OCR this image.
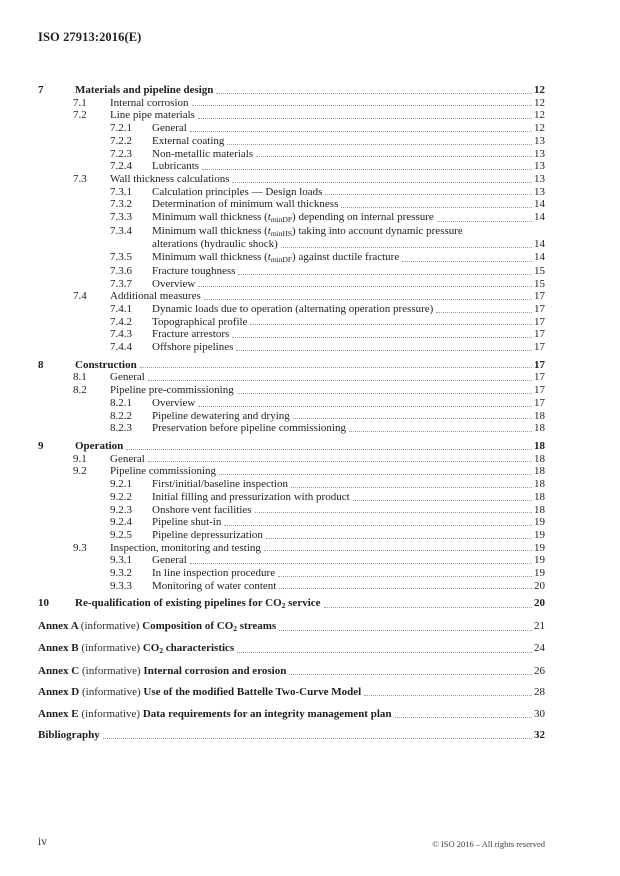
ISO 27913:2016(E)
7	Materials and pipeline design	12
7.1	Internal corrosion	12
7.2	Line pipe materials	12
7.2.1	General	12
7.2.2	External coating	13
7.2.3	Non-metallic materials	13
7.2.4	Lubricants	13
7.3	Wall thickness calculations	13
7.3.1	Calculation principles — Design loads	13
7.3.2	Determination of minimum wall thickness	14
7.3.3	Minimum wall thickness (tminDP) depending on internal pressure	14
7.3.4	Minimum wall thickness (tminHS) taking into account dynamic pressure
alterations (hydraulic shock)	14
7.3.5	Minimum wall thickness (tminDF) against ductile fracture	14
7.3.6	Fracture toughness	15
7.3.7	Overview	15
7.4	Additional measures	17
7.4.1	Dynamic loads due to operation (alternating operation pressure)	17
7.4.2	Topographical profile	17
7.4.3	Fracture arrestors	17
7.4.4	Offshore pipelines	17
8	Construction	17
8.1	General	17
8.2	Pipeline pre-commissioning	17
8.2.1	Overview	17
8.2.2	Pipeline dewatering and drying	18
8.2.3	Preservation before pipeline commissioning	18
9	Operation	18
9.1	General	18
9.2	Pipeline commissioning	18
9.2.1	First/initial/baseline inspection	18
9.2.2	Initial filling and pressurization with product	18
9.2.3	Onshore vent facilities	18
9.2.4	Pipeline shut-in	19
9.2.5	Pipeline depressurization	19
9.3	Inspection, monitoring and testing	19
9.3.1	General	19
9.3.2	In line inspection procedure	19
9.3.3	Monitoring of water content	20
10	Re-qualification of existing pipelines for CO2 service	20
Annex A (informative) Composition of CO2 streams	21
Annex B (informative) CO2 characteristics	24
Annex C (informative) Internal corrosion and erosion	26
Annex D (informative) Use of the modified Battelle Two-Curve Model	28
Annex E (informative) Data requirements for an integrity management plan	30
Bibliography	32
iv	© ISO 2016 – All rights reserved
